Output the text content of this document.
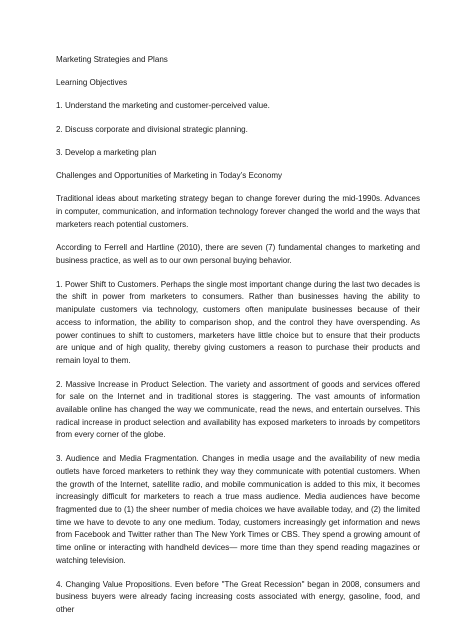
Marketing Strategies and Plans

Learning Objectives

1. Understand the marketing and customer-perceived value.

2. Discuss corporate and divisional strategic planning.

3. Develop a marketing plan

Challenges and Opportunities of Marketing in Today’s Economy

Traditional ideas about marketing strategy began to change forever during the mid-1990s. Advances in computer, communication, and information technology forever changed the world and the ways that marketers reach potential customers.

According to Ferrell and Hartline (2010), there are seven (7) fundamental changes to marketing and business practice, as well as to our own personal buying behavior.

1. Power Shift to Customers. Perhaps the single most important change during the last two decades is the shift in power from marketers to consumers. Rather than businesses having the ability to manipulate customers via technology, customers often manipulate businesses because of their access to information, the ability to comparison shop, and the control they have overspending. As power continues to shift to customers, marketers have little choice but to ensure that their products are unique and of high quality, thereby giving customers a reason to purchase their products and remain loyal to them.

2. Massive Increase in Product Selection. The variety and assortment of goods and services offered for sale on the Internet and in traditional stores is staggering. The vast amounts of information available online has changed the way we communicate, read the news, and entertain ourselves. This radical increase in product selection and availability has exposed marketers to inroads by competitors from every corner of the globe.

3. Audience and Media Fragmentation. Changes in media usage and the availability of new media outlets have forced marketers to rethink they way they communicate with potential customers. When the growth of the Internet, satellite radio, and mobile communication is added to this mix, it becomes increasingly difficult for marketers to reach a true mass audience. Media audiences have become fragmented due to (1) the sheer number of media choices we have available today, and (2) the limited time we have to devote to any one medium. Today, customers increasingly get information and news from Facebook and Twitter rather than The New York Times or CBS. They spend a growing amount of time online or interacting with handheld devices— more time than they spend reading magazines or watching television.

4. Changing Value Propositions. Even before "The Great Recession" began in 2008, consumers and business buyers were already facing increasing costs associated with energy, gasoline, food, and other
